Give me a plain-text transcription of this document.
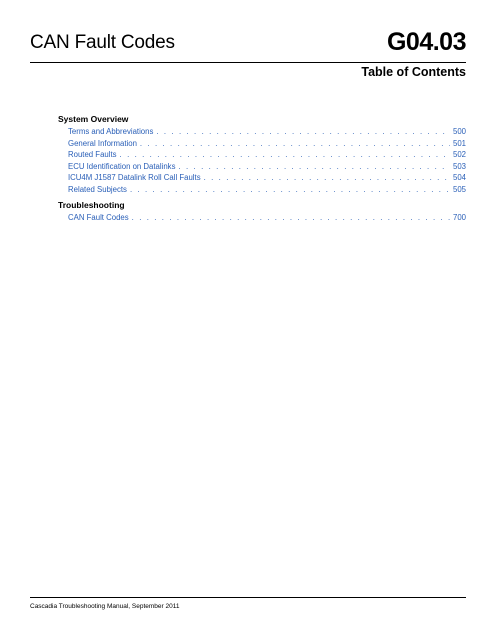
CAN Fault Codes	G04.03
Table of Contents
System Overview
Terms and Abbreviations . . .	500
General Information . . .	501
Routed Faults . . .	502
ECU Identification on Datalinks . . .	503
ICU4M J1587 Datalink Roll Call Faults . . .	504
Related Subjects . . .	505
Troubleshooting
CAN Fault Codes . . .	700
Cascadia Troubleshooting Manual, September 2011
